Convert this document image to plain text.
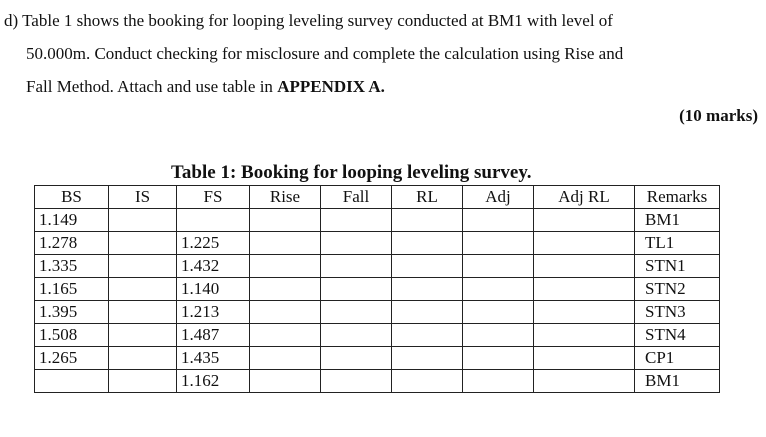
d) Table 1 shows the booking for looping leveling survey conducted at BM1 with level of
50.000m. Conduct checking for misclosure and complete the calculation using Rise and
Fall Method. Attach and use table in APPENDIX A.
(10 marks)
Table 1: Booking for looping leveling survey.
BS	IS	FS	Rise	Fall	RL	Adj	Adj RL	Remarks
1.149								BM1
1.278		1.225						TL1
1.335		1.432						STN1
1.165		1.140						STN2
1.395		1.213						STN3
1.508		1.487						STN4
1.265		1.435						CP1
		1.162						BM1
